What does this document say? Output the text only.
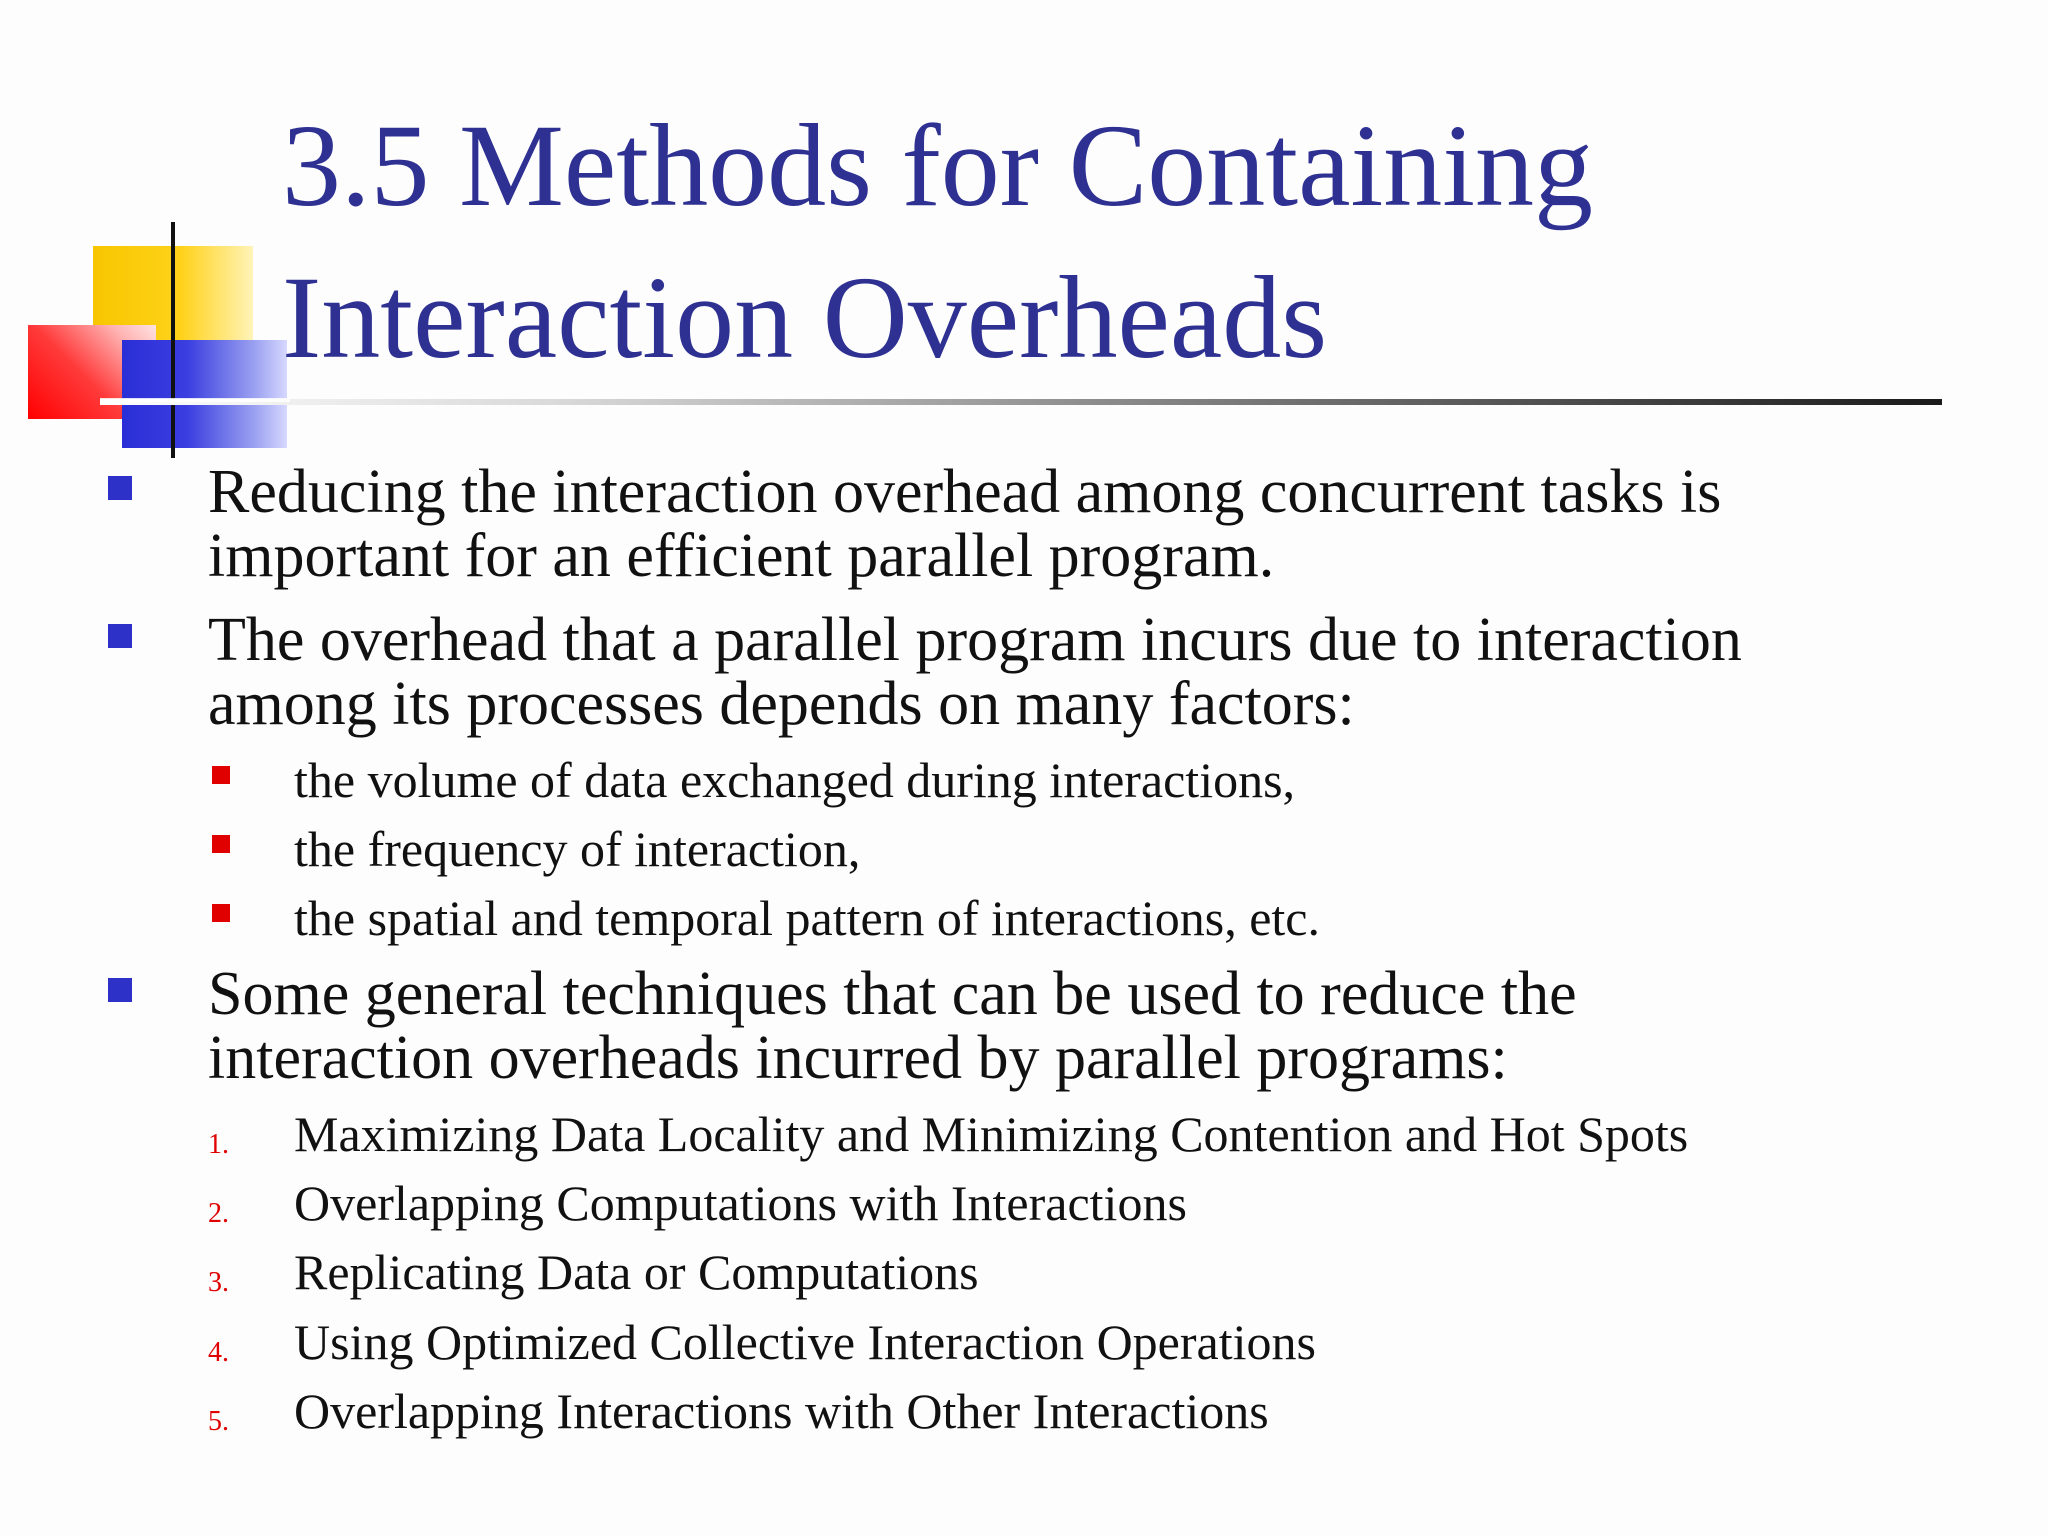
3.5 Methods for Containing
Interaction Overheads
Reducing the interaction overhead among concurrent tasks is
important for an efficient parallel program.
The overhead that a parallel program incurs due to interaction
among its processes depends on many factors:
the volume of data exchanged during interactions,
the frequency of interaction,
the spatial and temporal pattern of interactions, etc.
Some general techniques that can be used to reduce the
interaction overheads incurred by parallel programs:
1. Maximizing Data Locality and Minimizing Contention and Hot Spots
2. Overlapping Computations with Interactions
3. Replicating Data or Computations
4. Using Optimized Collective Interaction Operations
5. Overlapping Interactions with Other Interactions
